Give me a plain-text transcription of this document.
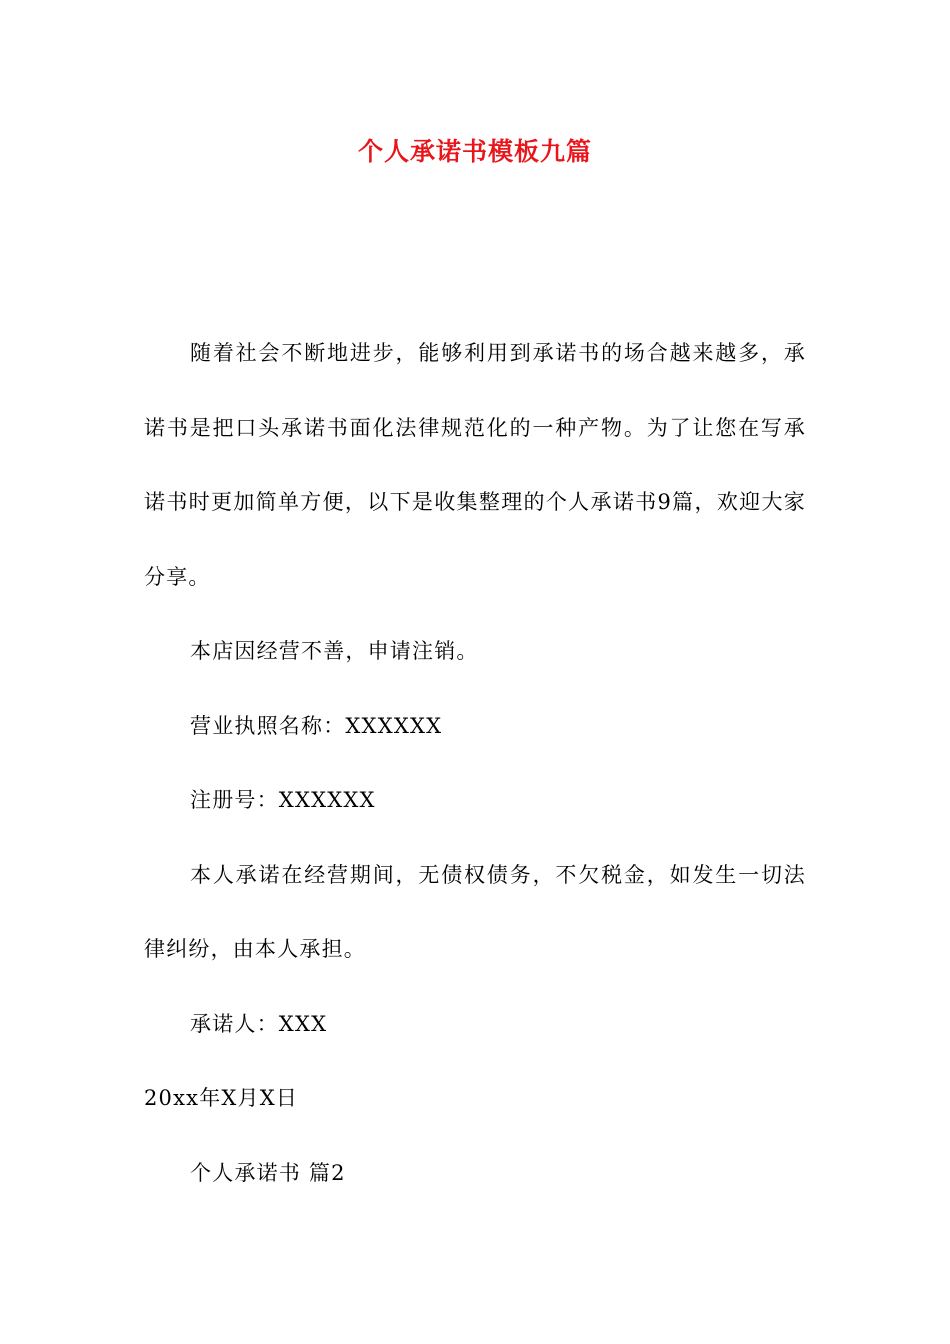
个人承诺书模板九篇

随着社会不断地进步，能够利用到承诺书的场合越来越多，承诺书是把口头承诺书面化法律规范化的一种产物。为了让您在写承诺书时更加简单方便，以下是收集整理的个人承诺书9篇，欢迎大家分享。

本店因经营不善，申请注销。

营业执照名称：XXXXXX

注册号：XXXXXX

本人承诺在经营期间，无债权债务，不欠税金，如发生一切法律纠纷，由本人承担。

承诺人：XXX

20xx年X月X日

个人承诺书 篇2
